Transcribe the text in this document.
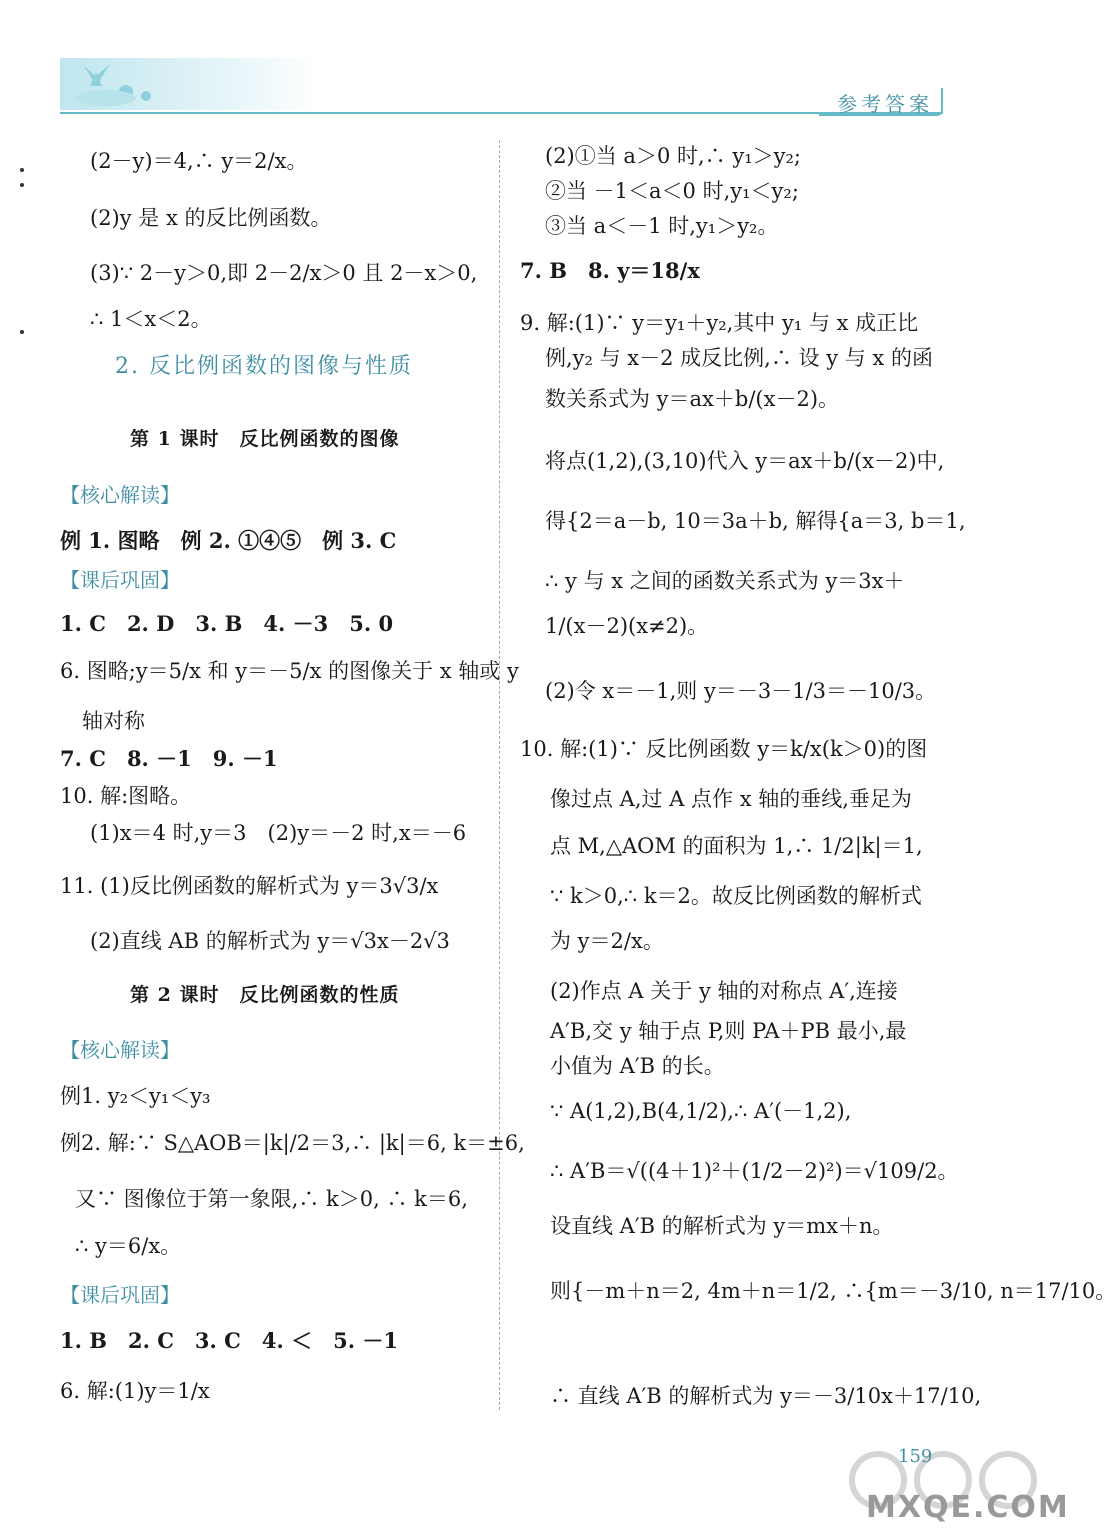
参考答案
(2－y)＝4,∴ y＝2/x。
(2)y 是 x 的反比例函数。
(3)∵ 2－y＞0,即 2－2/x＞0 且 2－x＞0,
∴ 1＜x＜2。
2. 反比例函数的图像与性质
第 1 课时　反比例函数的图像
【核心解读】
例 1. 图略　例 2. ①④⑤　例 3. C
【课后巩固】
1. C　2. D　3. B　4. －3　5. 0
6. 图略;y＝5/x 和 y＝－5/x 的图像关于 x 轴或 y
轴对称
7. C　8. －1　9. －1
10. 解:图略。
(1)x＝4 时,y＝3　(2)y＝－2 时,x＝－6
11. (1)反比例函数的解析式为 y＝3√3/x
(2)直线 AB 的解析式为 y＝√3x－2√3
第 2 课时　反比例函数的性质
【核心解读】
例1. y₂＜y₁＜y₃
例2. 解:∵ S△AOB＝|k|/2＝3,∴ |k|＝6, k＝±6,
又∵ 图像位于第一象限,∴ k＞0, ∴ k＝6,
∴ y＝6/x。
【课后巩固】
1. B　2. C　3. C　4. ＜　5. －1
6. 解:(1)y＝1/x
(2)①当 a＞0 时,∴ y₁＞y₂;
②当 －1＜a＜0 时,y₁＜y₂;
③当 a＜－1 时,y₁＞y₂。
7. B　8. y＝18/x
9. 解:(1)∵ y＝y₁＋y₂,其中 y₁ 与 x 成正比
例,y₂ 与 x－2 成反比例,∴ 设 y 与 x 的函
数关系式为 y＝ax＋b/(x－2)。
将点(1,2),(3,10)代入 y＝ax＋b/(x－2)中,
得{2＝a－b, 10＝3a＋b, 解得{a＝3, b＝1,
∴ y 与 x 之间的函数关系式为 y＝3x＋
1/(x－2)(x≠2)。
(2)令 x＝－1,则 y＝－3－1/3＝－10/3。
10. 解:(1)∵ 反比例函数 y＝k/x(k＞0)的图
像过点 A,过 A 点作 x 轴的垂线,垂足为
点 M,△AOM 的面积为 1,∴ 1/2|k|＝1,
∵ k＞0,∴ k＝2。故反比例函数的解析式
为 y＝2/x。
(2)作点 A 关于 y 轴的对称点 A′,连接
A′B,交 y 轴于点 P,则 PA＋PB 最小,最
小值为 A′B 的长。
∵ A(1,2),B(4,1/2),∴ A′(－1,2),
∴ A′B＝√((4＋1)²＋(1/2－2)²)＝√109/2。
设直线 A′B 的解析式为 y＝mx＋n。
则{－m＋n＝2, 4m＋n＝1/2, ∴{m＝－3/10, n＝17/10。
∴ 直线 A′B 的解析式为 y＝－3/10x＋17/10,
159
MXQE.COM
